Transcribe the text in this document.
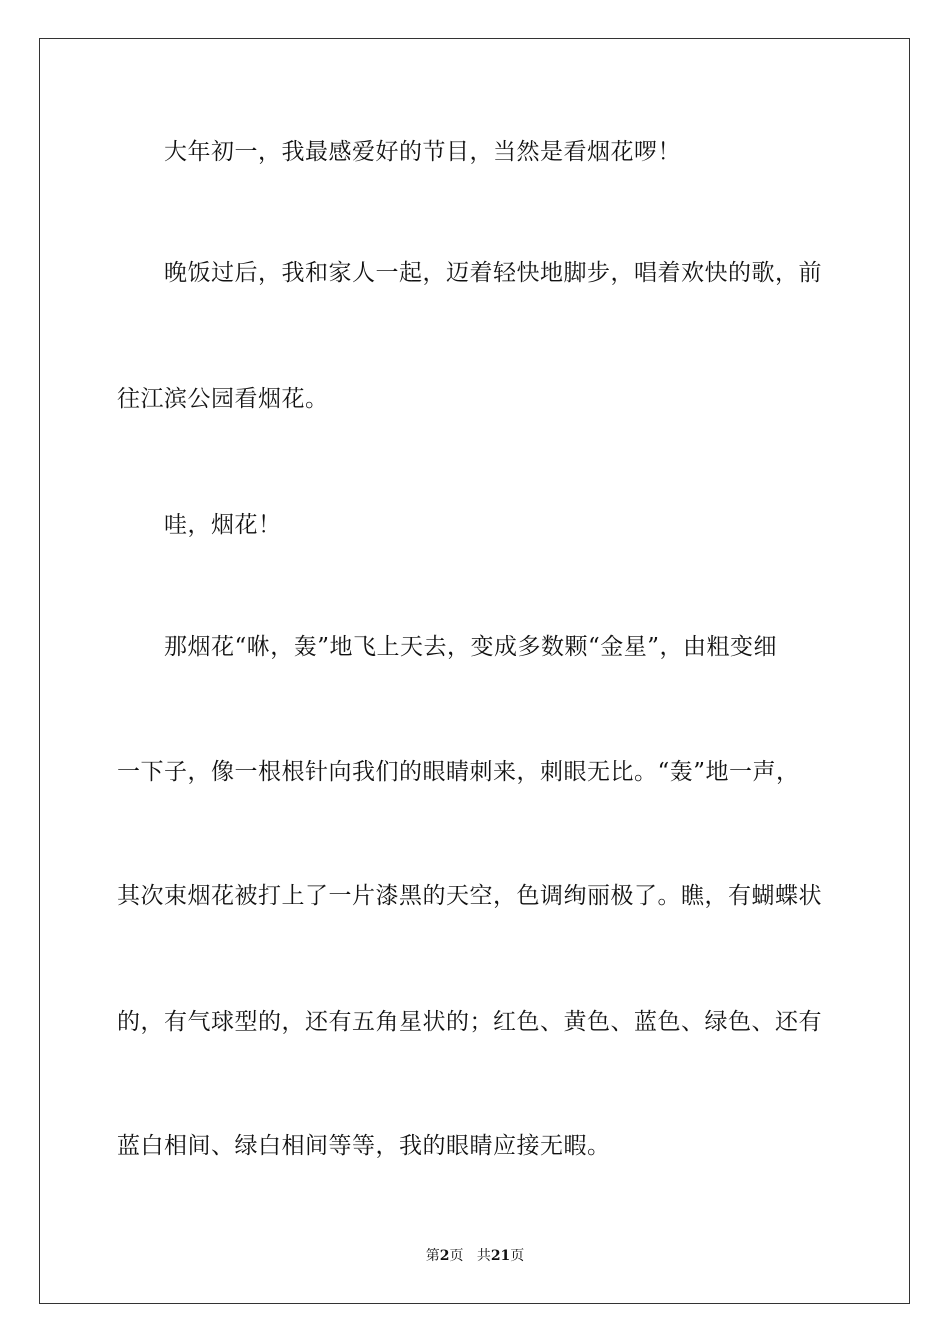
　　大年初一，我最感爱好的节目，当然是看烟花啰！
　　晚饭过后，我和家人一起，迈着轻快地脚步，唱着欢快的歌，前
往江滨公园看烟花。
　　哇，烟花！
　　那烟花“咻，轰”地飞上天去，变成多数颗“金星”，由粗变细
一下子，像一根根针向我们的眼睛刺来，刺眼无比。“轰”地一声，
其次束烟花被打上了一片漆黑的天空，色调绚丽极了。瞧，有蝴蝶状
的，有气球型的，还有五角星状的；红色、黄色、蓝色、绿色、还有
蓝白相间、绿白相间等等，我的眼睛应接无暇。
第2页 共21页
